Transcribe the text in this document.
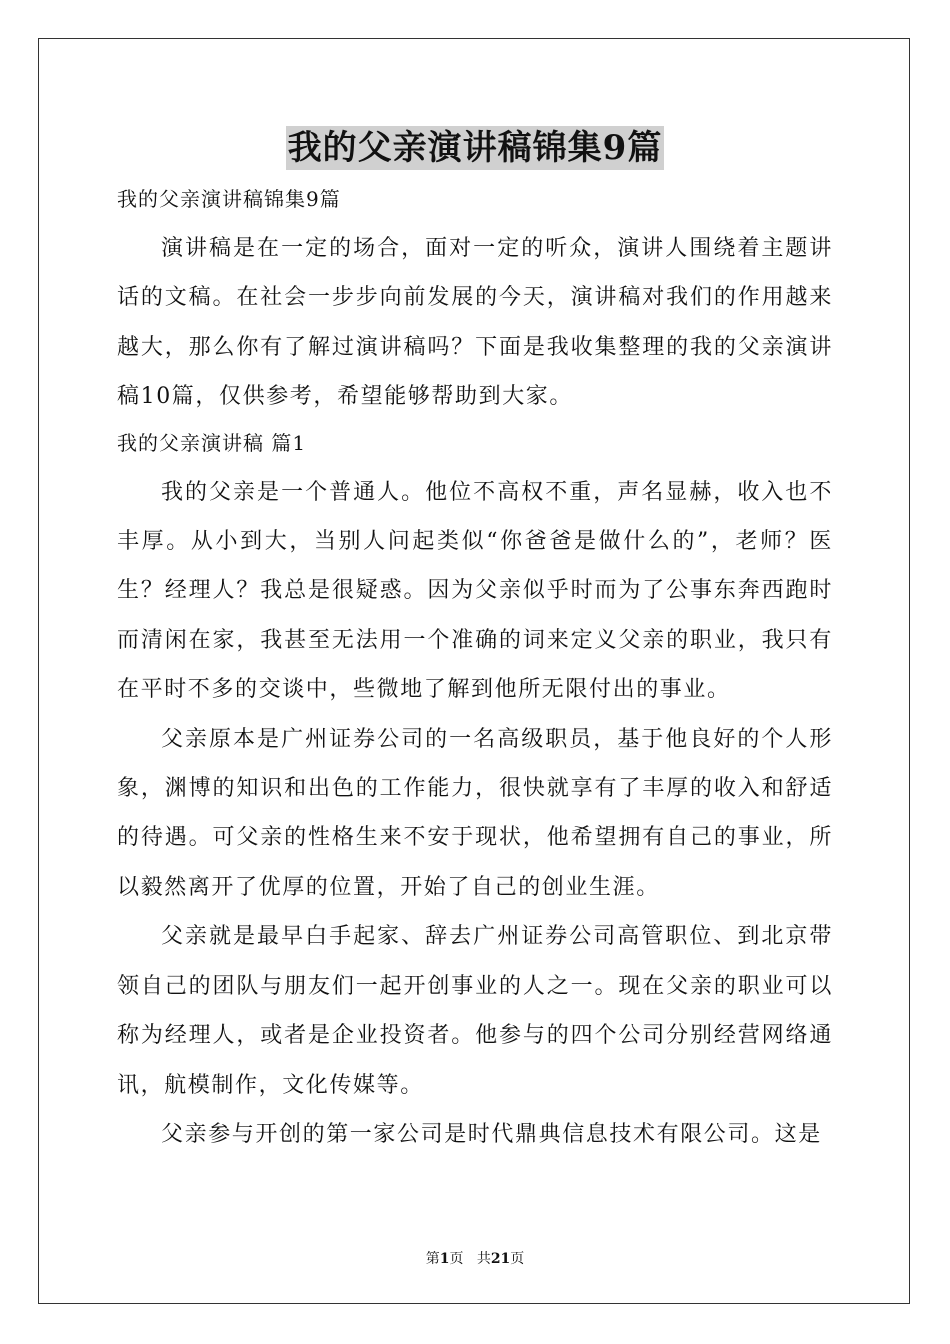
我的父亲演讲稿锦集9篇
我的父亲演讲稿锦集9篇

演讲稿是在一定的场合，面对一定的听众，演讲人围绕着主题讲话的文稿。在社会一步步向前发展的今天，演讲稿对我们的作用越来越大，那么你有了解过演讲稿吗？下面是我收集整理的我的父亲演讲稿10篇，仅供参考，希望能够帮助到大家。

我的父亲演讲稿 篇1

我的父亲是一个普通人。他位不高权不重，声名显赫，收入也不丰厚。从小到大，当别人问起类似“你爸爸是做什么的”，老师？医生？经理人？我总是很疑惑。因为父亲似乎时而为了公事东奔西跑时而清闲在家，我甚至无法用一个准确的词来定义父亲的职业，我只有在平时不多的交谈中，些微地了解到他所无限付出的事业。

父亲原本是广州证券公司的一名高级职员，基于他良好的个人形象，渊博的知识和出色的工作能力，很快就享有了丰厚的收入和舒适的待遇。可父亲的性格生来不安于现状，他希望拥有自己的事业，所以毅然离开了优厚的位置，开始了自己的创业生涯。

父亲就是最早白手起家、辞去广州证券公司高管职位、到北京带领自己的团队与朋友们一起开创事业的人之一。现在父亲的职业可以称为经理人，或者是企业投资者。他参与的四个公司分别经营网络通讯，航模制作，文化传媒等。

父亲参与开创的第一家公司是时代鼎典信息技术有限公司。这是

第1页 共21页
